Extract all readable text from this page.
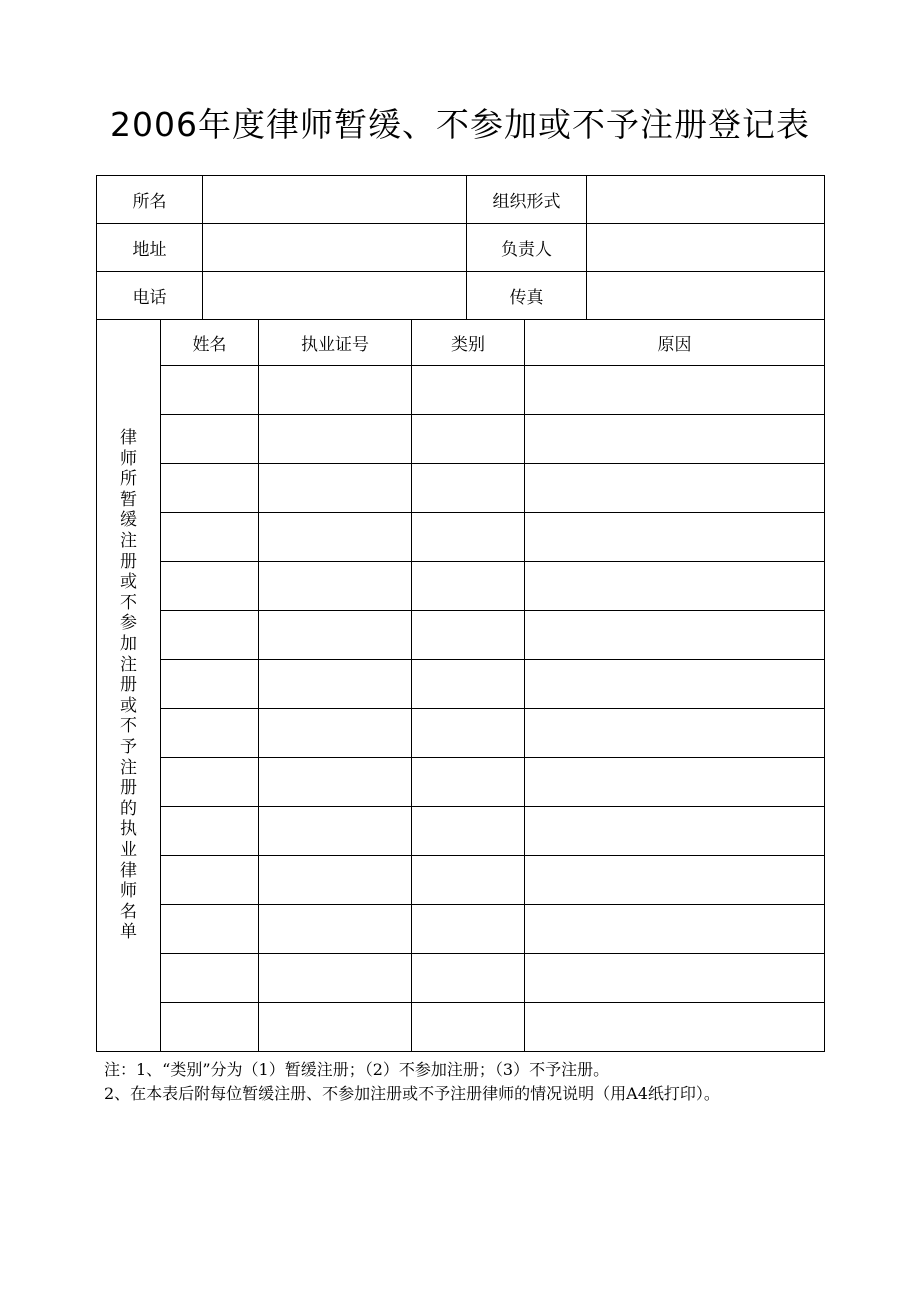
2006年度律师暂缓、不参加或不予注册登记表
所名		组织形式	
地址		负责人	
电话		传真	
律师所暂缓注册或不参加注册或不予注册的执业律师名单	姓名	执业证号	类别	原因

注：1、“类别”分为（1）暂缓注册；（2）不参加注册；（3）不予注册。

2、在本表后附每位暂缓注册、不参加注册或不予注册律师的情况说明（用A4纸打印）。
